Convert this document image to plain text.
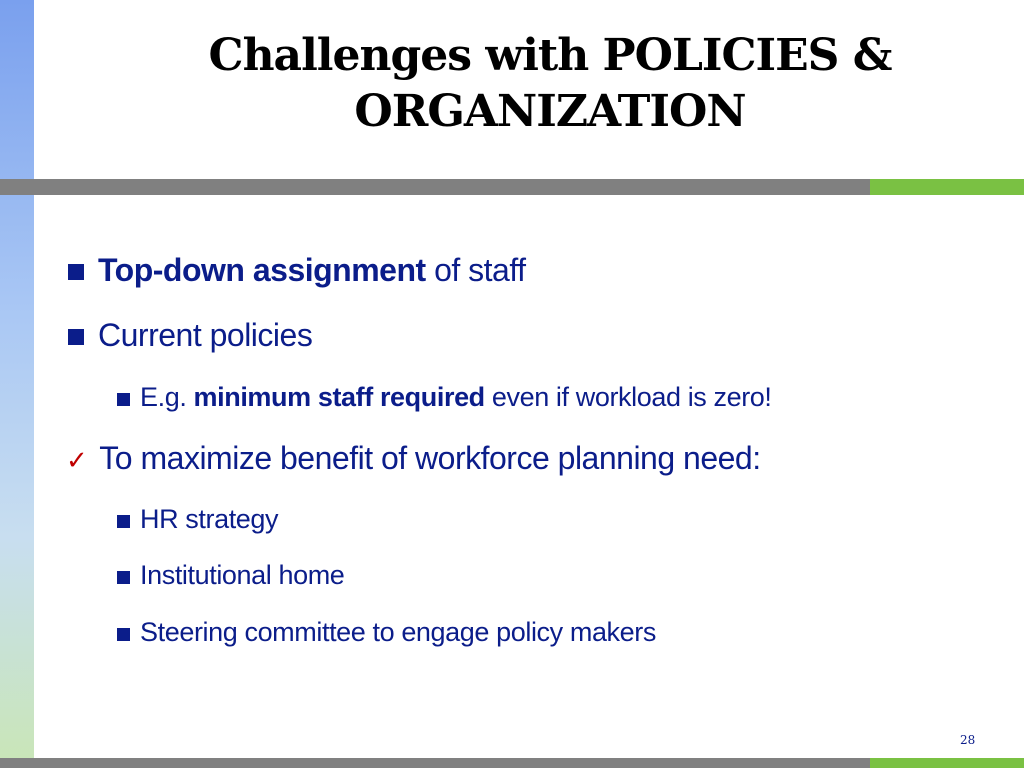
Challenges with POLICIES &
ORGANIZATION
Top-down assignment of staff
Current policies
E.g. minimum staff required even if workload is zero!
✓ To maximize benefit of workforce planning need:
HR strategy
Institutional home
Steering committee to engage policy makers
28
